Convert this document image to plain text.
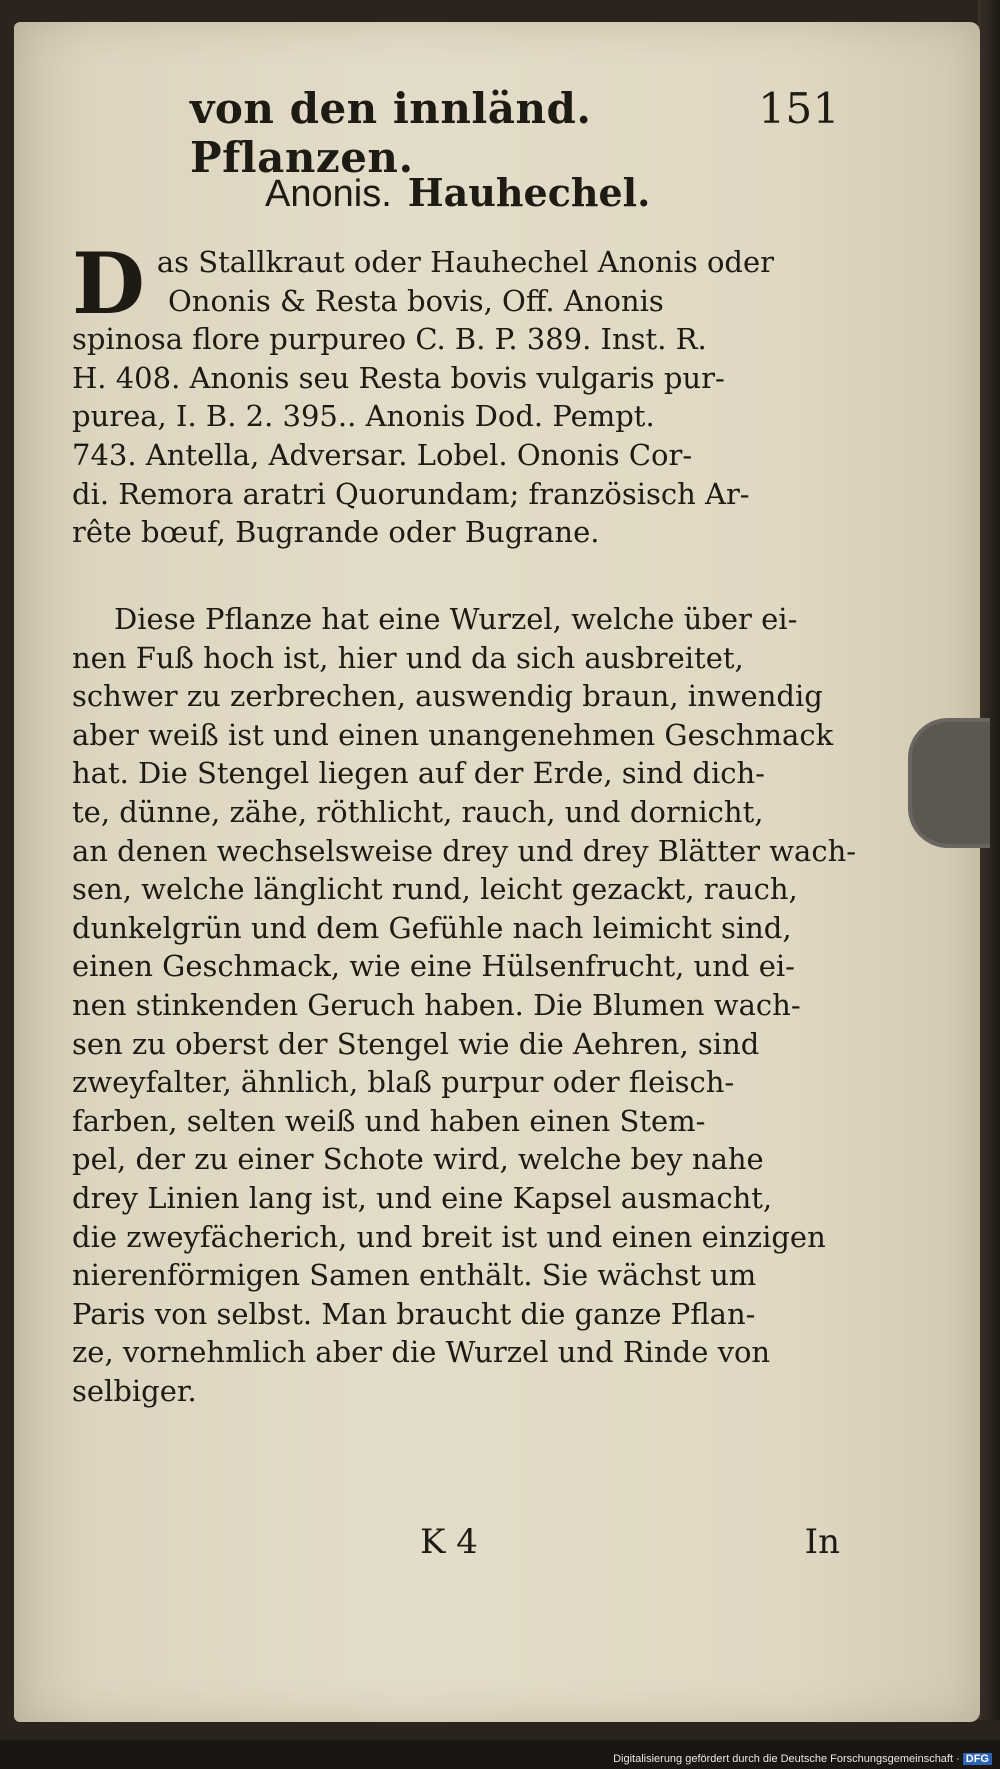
von den innländ. Pflanzen.
151
Anonis. Hauhechel.
D as Stallkraut oder Hauhechel Anonis oder
Ononis & Resta bovis, Off. Anonis
spinosa flore purpureo C. B. P. 389. Inst. R.
H. 408. Anonis seu Resta bovis vulgaris pur-
purea, I. B. 2. 395.. Anonis Dod. Pempt.
743. Antella, Adversar. Lobel. Ononis Cor-
di. Remora aratri Quorundam; französisch Ar-
rête bœuf, Bugrande oder Bugrane.
Diese Pflanze hat eine Wurzel, welche über ei-
nen Fuß hoch ist, hier und da sich ausbreitet,
schwer zu zerbrechen, auswendig braun, inwendig
aber weiß ist und einen unangenehmen Geschmack
hat. Die Stengel liegen auf der Erde, sind dich-
te, dünne, zähe, röthlicht, rauch, und dornicht,
an denen wechselsweise drey und drey Blätter wach-
sen, welche länglicht rund, leicht gezackt, rauch,
dunkelgrün und dem Gefühle nach leimicht sind,
einen Geschmack, wie eine Hülsenfrucht, und ei-
nen stinkenden Geruch haben. Die Blumen wach-
sen zu oberst der Stengel wie die Aehren, sind
zweyfalter, ähnlich, blaß purpur oder fleisch-
farben, selten weiß und haben einen Stem-
pel, der zu einer Schote wird, welche bey nahe
drey Linien lang ist, und eine Kapsel ausmacht,
die zweyfächerich, und breit ist und einen einzigen
nierenförmigen Samen enthält. Sie wächst um
Paris von selbst. Man braucht die ganze Pflan-
ze, vornehmlich aber die Wurzel und Rinde von
selbiger.
K 4	In
Digitalisierung gefördert durch die Deutsche Forschungsgemeinschaft · DFG
